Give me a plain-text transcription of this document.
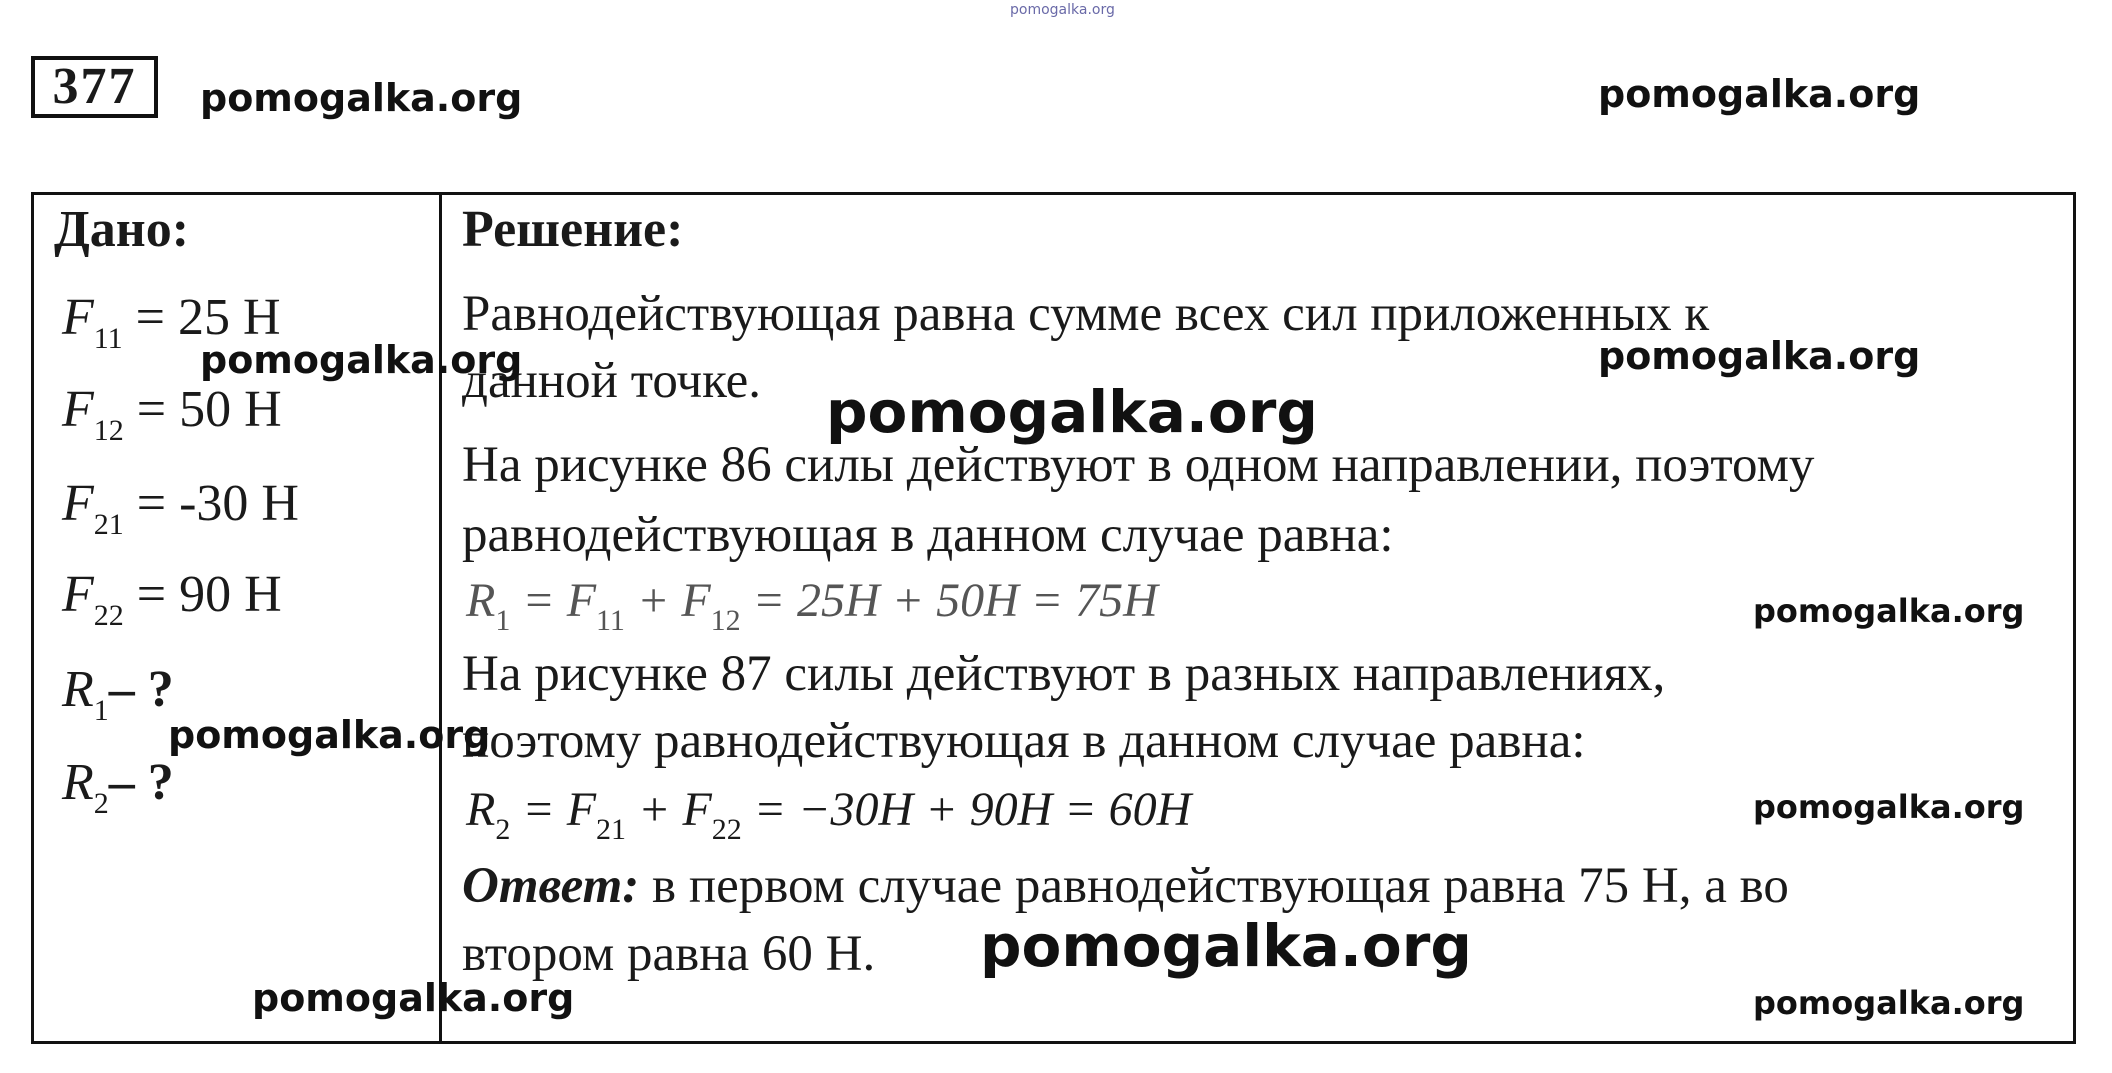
pomogalka.org
377	pomogalka.org	pomogalka.org
Дано:
$F_{11} = 25$ Н
$F_{12} = 50$ Н
$F_{21} = -30$ Н
$F_{22} = 90$ Н
$R_1-$ ?
$R_2-$ ?
Решение:
Равнодействующая равна сумме всех сил приложенных к
данной точке.
На рисунке 86 силы действуют в одном направлении, поэтому
равнодействующая в данном случае равна:
$R_1 = F_{11} + F_{12} = 25H + 50H = 75H$
На рисунке 87 силы действуют в разных направлениях,
поэтому равнодействующая в данном случае равна:
$R_2 = F_{21} + F_{22} = -30H + 90H = 60H$
Ответ: в первом случае равнодействующая равна 75 Н, а во
втором равна 60 Н.
pomogalka.org	pomogalka.org
pomogalka.org
pomogalka.org
pomogalka.org
pomogalka.org
pomogalka.org
pomogalka.org	pomogalka.org
